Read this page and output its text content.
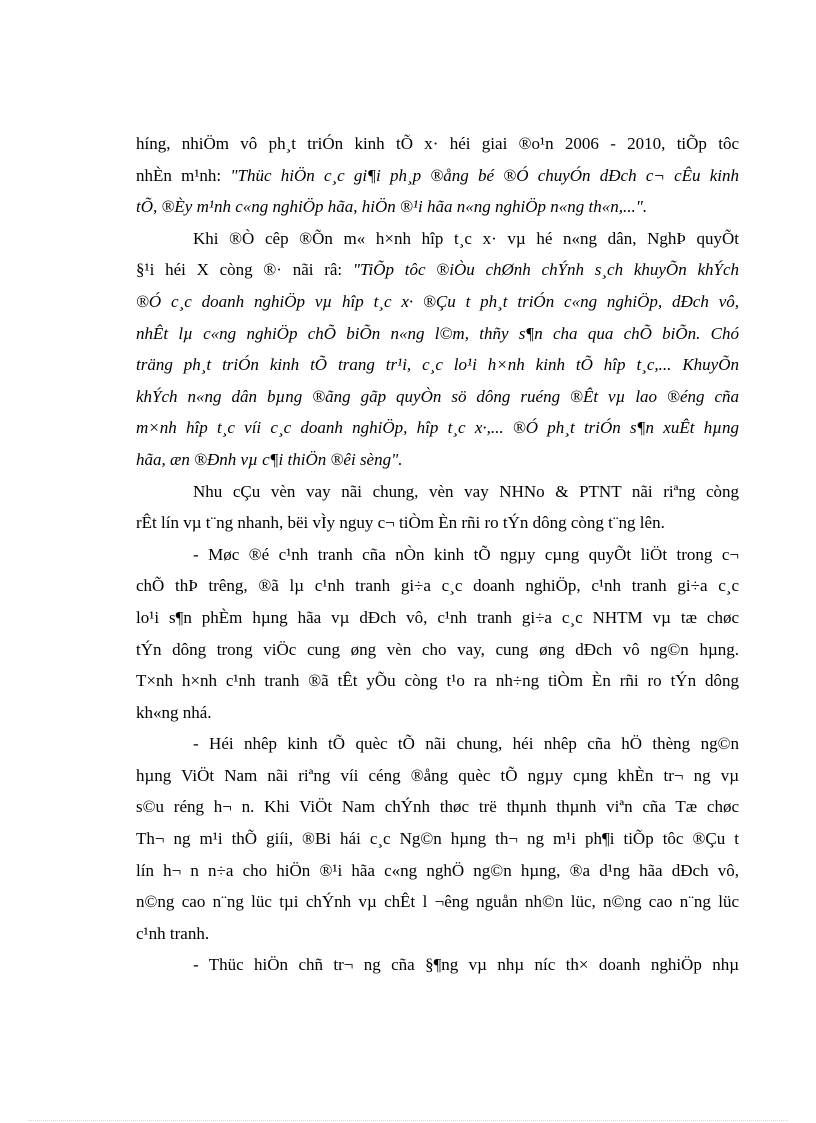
híng, nhiÖm vô ph¸t triÓn kinh tÕ x· héi giai ®o¹n 2006 - 2010, tiÕp tôc
nhÈn m¹nh: "Thüc hiÖn c¸c gi¶i ph¸p ®ång bé ®Ó chuyÓn dÐch c¬ cÊu kinh
tÕ, ®Èy m¹nh c«ng nghiÖp hãa, hiÖn ®¹i hãa n«ng nghiÖp n«ng th«n,...".
Khi ®Ò cêp ®Õn m« h×nh hîp t¸c x· vµ hé n«ng dân, NghÞ quyÕt
§¹i héi X còng ®· nãi râ: "TiÕp tôc ®iÒu chØnh chÝnh s¸ch khuyÕn khÝch
®Ó c¸c doanh nghiÖp vµ hîp t¸c x· ®Çu t ph¸t triÓn c«ng nghiÖp, dÐch vô,
nhÊt lµ c«ng nghiÖp chÕ biÕn n«ng l©m, thñy s¶n cha qua chÕ biÕn. Chó
träng ph¸t triÓn kinh tÕ trang tr¹i, c¸c lo¹i h×nh kinh tÕ hîp t¸c,... KhuyÕn
khÝch n«ng dân bµng ®ãng gãp quyÒn sö dông ruéng ®Êt vµ lao ®éng cña
m×nh hîp t¸c víi c¸c doanh nghiÖp, hîp t¸c x·,... ®Ó ph¸t triÓn s¶n xuÊt hµng
hãa, æn ®Ðnh vµ c¶i thiÖn ®êi sèng".
Nhu cÇu vèn vay nãi chung, vèn vay NHNo & PTNT nãi riªng còng
rÊt lín vµ t¨ng nhanh, bëi vÌy nguy c¬ tiÒm Èn rñi ro tÝn dông còng t¨ng lên.
- Møc ®é c¹nh tranh cña nÒn kinh tÕ ngµy cµng quyÕt liÖt trong c¬
chÕ thÞ trêng, ®ã lµ c¹nh tranh gi÷a c¸c doanh nghiÖp, c¹nh tranh gi÷a c¸c
lo¹i s¶n phÈm hµng hãa vµ dÐch vô, c¹nh tranh gi÷a c¸c NHTM vµ tæ chøc
tÝn dông trong viÖc cung øng vèn cho vay, cung øng dÐch vô ng©n hµng.
T×nh h×nh c¹nh tranh ®ã tÊt yÕu còng t¹o ra nh÷ng tiÒm Èn rñi ro tÝn dông
kh«ng nhá.
- Héi nhêp kinh tÕ quèc tÕ nãi chung, héi nhêp cña hÖ thèng ng©n
hµng ViÖt Nam nãi riªng víi céng ®ång quèc tÕ ngµy cµng khÈn tr¬ ng vµ
s©u réng h¬ n. Khi ViÖt Nam chÝnh thøc trë thµnh thµnh viªn cña Tæ chøc
Th¬ ng m¹i thÕ giíi, ®Bi hái c¸c Ng©n hµng th¬ ng m¹i ph¶i tiÕp tôc ®Çu t
lín h¬ n n÷a cho hiÖn ®¹i hãa c«ng nghÖ ng©n hµng, ®a d¹ng hãa dÐch vô,
n©ng cao n¨ng lüc tµi chÝnh vµ chÊt l ¬êng nguån nh©n lüc, n©ng cao n¨ng lüc
c¹nh tranh.
- Thüc hiÖn chñ tr¬ ng cña §¶ng vµ nhµ níc th× doanh nghiÖp nhµ
